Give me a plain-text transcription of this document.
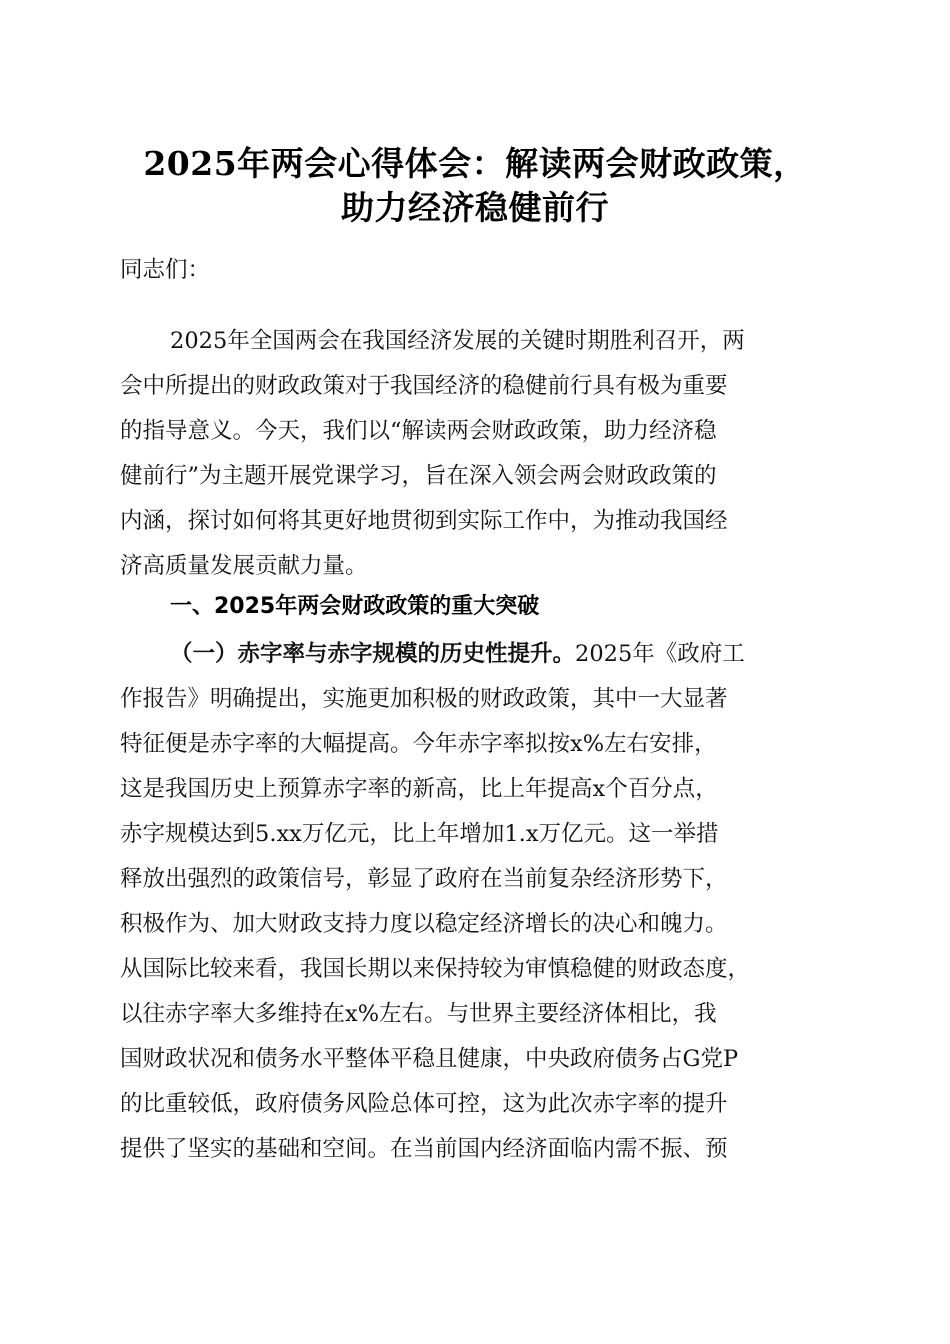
2025年两会心得体会：解读两会财政政策，
助力经济稳健前行
同志们：
2025年全国两会在我国经济发展的关键时期胜利召开，两
会中所提出的财政政策对于我国经济的稳健前行具有极为重要
的指导意义。今天，我们以“解读两会财政政策，助力经济稳
健前行”为主题开展党课学习，旨在深入领会两会财政政策的
内涵，探讨如何将其更好地贯彻到实际工作中，为推动我国经
济高质量发展贡献力量。
一、2025年两会财政政策的重大突破
（一）赤字率与赤字规模的历史性提升。2025年《政府工
作报告》明确提出，实施更加积极的财政政策，其中一大显著
特征便是赤字率的大幅提高。今年赤字率拟按x%左右安排，
这是我国历史上预算赤字率的新高，比上年提高x个百分点，
赤字规模达到5.xx万亿元，比上年增加1.x万亿元。这一举措
释放出强烈的政策信号，彰显了政府在当前复杂经济形势下，
积极作为、加大财政支持力度以稳定经济增长的决心和魄力。
从国际比较来看，我国长期以来保持较为审慎稳健的财政态度，
以往赤字率大多维持在x%左右。与世界主要经济体相比，我
国财政状况和债务水平整体平稳且健康，中央政府债务占G党P
的比重较低，政府债务风险总体可控，这为此次赤字率的提升
提供了坚实的基础和空间。在当前国内经济面临内需不振、预
